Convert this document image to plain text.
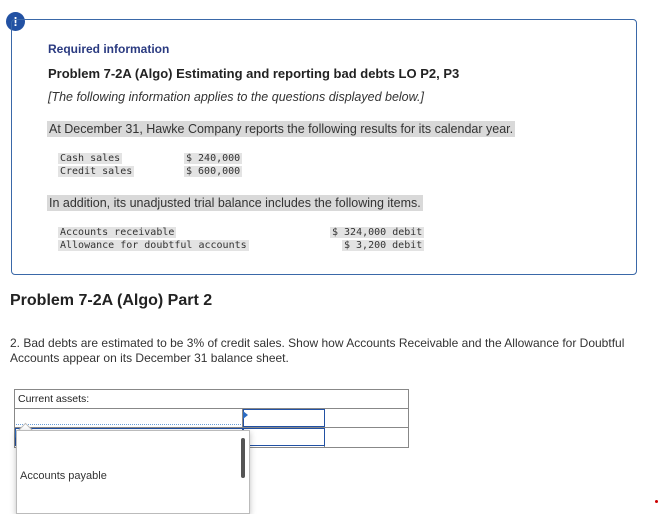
!
Required information
Problem 7-2A (Algo) Estimating and reporting bad debts LO P2, P3
[The following information applies to the questions displayed below.]
At December 31, Hawke Company reports the following results for its calendar year.
Cash sales	$ 240,000
Credit sales	$ 600,000
In addition, its unadjusted trial balance includes the following items.
Accounts receivable	$ 324,000 debit
Allowance for doubtful accounts	$ 3,200 debit
Problem 7-2A (Algo) Part 2
2. Bad debts are estimated to be 3% of credit sales. Show how Accounts Receivable and the Allowance for Doubtful Accounts appear on its December 31 balance sheet.
Current assets:
Accounts payable
